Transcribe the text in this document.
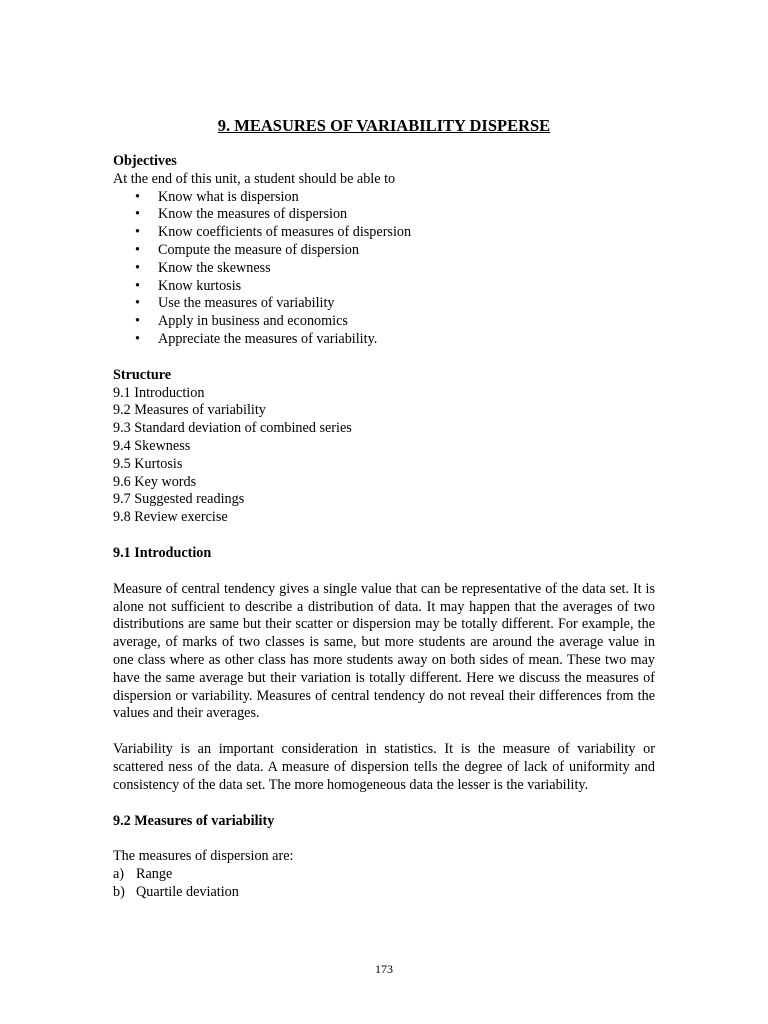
9. MEASURES OF VARIABILITY DISPERSE
Objectives

At the end of this unit, a student should be able to

• Know what is dispersion
• Know the measures of dispersion
• Know coefficients of measures of dispersion
• Compute the measure of dispersion
• Know the skewness
• Know kurtosis
• Use the measures of variability
• Apply in business and economics
• Appreciate the measures of variability.
Structure
9.1 Introduction
9.2 Measures of variability
9.3 Standard deviation of combined series
9.4 Skewness
9.5 Kurtosis
9.6 Key words
9.7 Suggested readings
9.8 Review exercise
9.1 Introduction

Measure of central tendency gives a single value that can be representative of the data set. It is alone not sufficient to describe a distribution of data. It may happen that the averages of two distributions are same but their scatter or dispersion may be totally different. For example, the average, of marks of two classes is same, but more students are around the average value in one class where as other class has more students away on both sides of mean. These two may have the same average but their variation is totally different. Here we discuss the measures of dispersion or variability. Measures of central tendency do not reveal their differences from the values and their averages.

Variability is an important consideration in statistics. It is the measure of variability or scattered ness of the data. A measure of dispersion tells the degree of lack of uniformity and consistency of the data set. The more homogeneous data the lesser is the variability.

9.2 Measures of variability

The measures of dispersion are:

a) Range
b) Quartile deviation
173
